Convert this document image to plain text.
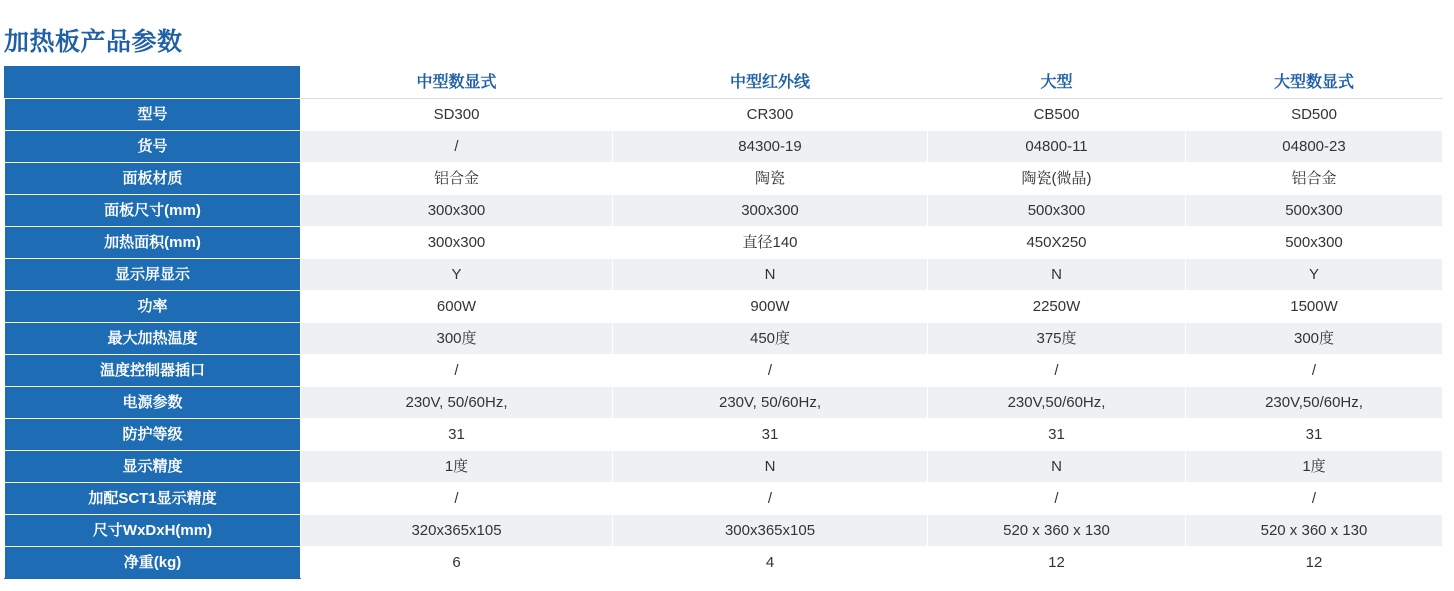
加热板产品参数
	中型数显式	中型红外线	大型	大型数显式
型号	SD300	CR300	CB500	SD500
货号	/	84300-19	04800-11	04800-23
面板材质	铝合金	陶瓷	陶瓷(微晶)	铝合金
面板尺寸(mm)	300x300	300x300	500x300	500x300
加热面积(mm)	300x300	直径140	450X250	500x300
显示屏显示	Y	N	N	Y
功率	600W	900W	2250W	1500W
最大加热温度	300度	450度	375度	300度
温度控制器插口	/	/	/	/
电源参数	230V, 50/60Hz,	230V, 50/60Hz,	230V,50/60Hz,	230V,50/60Hz,
防护等级	31	31	31	31
显示精度	1度	N	N	1度
加配SCT1显示精度	/	/	/	/
尺寸WxDxH(mm)	320x365x105	300x365x105	520 x 360 x 130	520 x 360 x 130
净重(kg)	6	4	12	12
